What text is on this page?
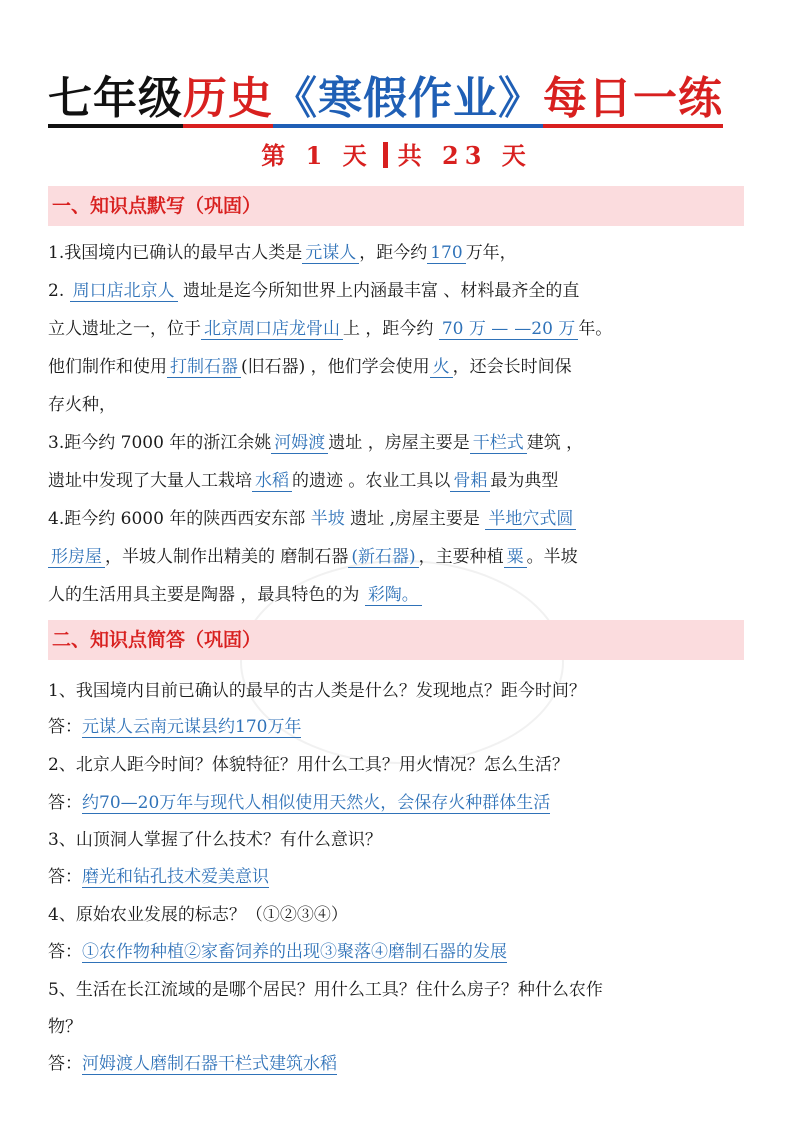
七年级历史《寒假作业》每日一练
第 1 天 共 23 天
一、知识点默写（巩固）
1.我国境内已确认的最早古人类是 元谋人 ，距今约 170 万年，
2. 周口店北京人 遗址是迄今所知世界上内涵最丰富 、材料最齐全的直
立人遗址之一，位于 北京周口店龙骨山 上 ，距今约 70 万 — —20 万 年。
他们制作和使用 打制石器 (旧石器) ，他们学会使用 火 ，还会长时间保
存火种，
3.距今约 7000 年的浙江余姚 河姆渡 遗址 ，房屋主要是 干栏式 建筑 ，
遗址中发现了大量人工栽培 水稻 的遗迹 。农业工具以 骨耜 最为典型
4.距今约 6000 年的陕西西安东部 半坡 遗址 ,房屋主要是 半地穴式圆
形房屋 ，半坡人制作出精美的 磨制石器 (新石器) ，主要种植 粟 。半坡
人的生活用具主要是陶器 ，最具特色的为 彩陶。
二、知识点简答（巩固）
1、我国境内目前已确认的最早的古人类是什么？发现地点？距今时间？
答：元谋人云南元谋县约170万年
2、北京人距今时间？体貌特征？用什么工具？用火情况？怎么生活？
答：约70—20万年与现代人相似使用天然火，会保存火种群体生活
3、山顶洞人掌握了什么技术？有什么意识？
答：磨光和钻孔技术爱美意识
4、原始农业发展的标志？（①②③④）
答：①农作物种植②家畜饲养的出现③聚落④磨制石器的发展
5、生活在长江流域的是哪个居民？用什么工具？住什么房子？种什么农作
物？
答：河姆渡人磨制石器干栏式建筑水稻
